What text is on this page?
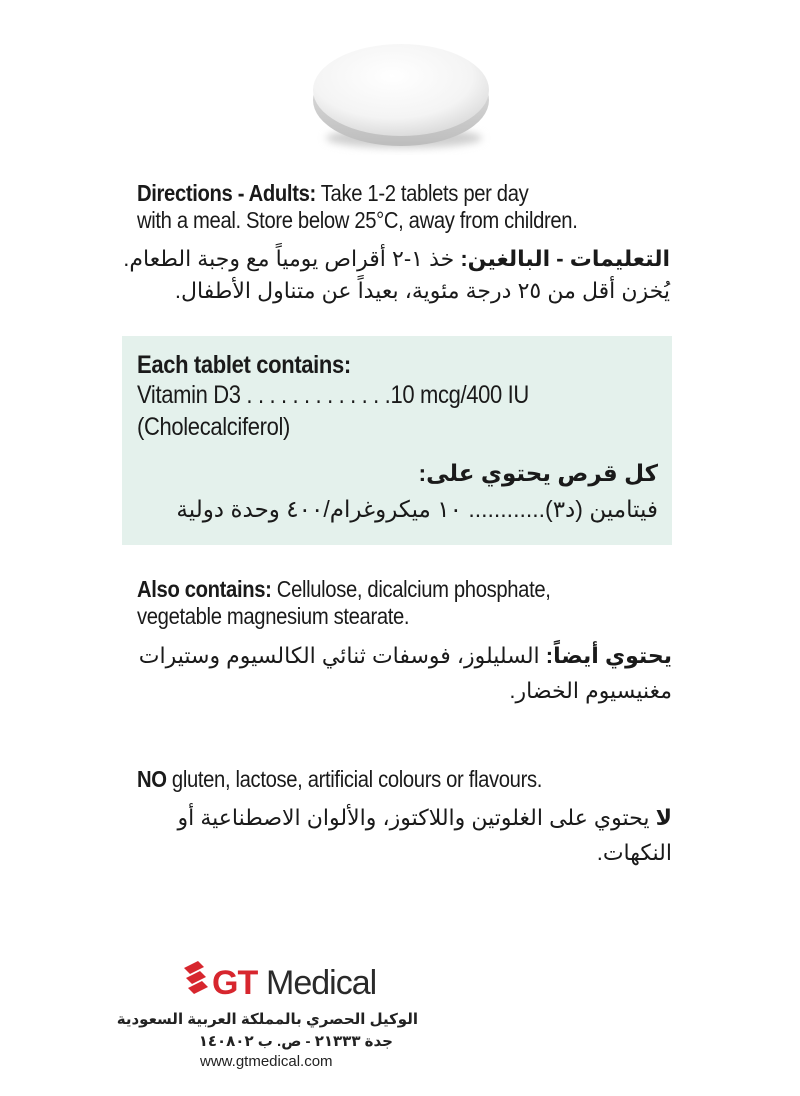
Directions - Adults: Take 1-2 tablets per day
with a meal. Store below 25°C, away from children.
التعليمات - البالغين: خذ ١-٢ أقراص يومياً مع وجبة الطعام.
يُخزن أقل من ٢٥ درجة مئوية، بعيداً عن متناول الأطفال.
Each tablet contains:
Vitamin D3 . . . . . . . . . . . . .10 mcg/400 IU
(Cholecalciferol)
كل قرص يحتوي على:
فيتامين (د٣)............ ١٠ ميكروغرام/٤٠٠ وحدة دولية
Also contains: Cellulose, dicalcium phosphate,
vegetable magnesium stearate.
يحتوي أيضاً: السليلوز، فوسفات ثنائي الكالسيوم وستيرات
مغنيسيوم الخضار.
NO gluten, lactose, artificial colours or flavours.
لا يحتوي على الغلوتين واللاكتوز، والألوان الاصطناعية أو
النكهات.
GT Medical
الوكيل الحصري بالمملكة العربية السعودية
جدة ٢١٣٣٣ - ص. ب ١٤٠٨٠٢
www.gtmedical.com
